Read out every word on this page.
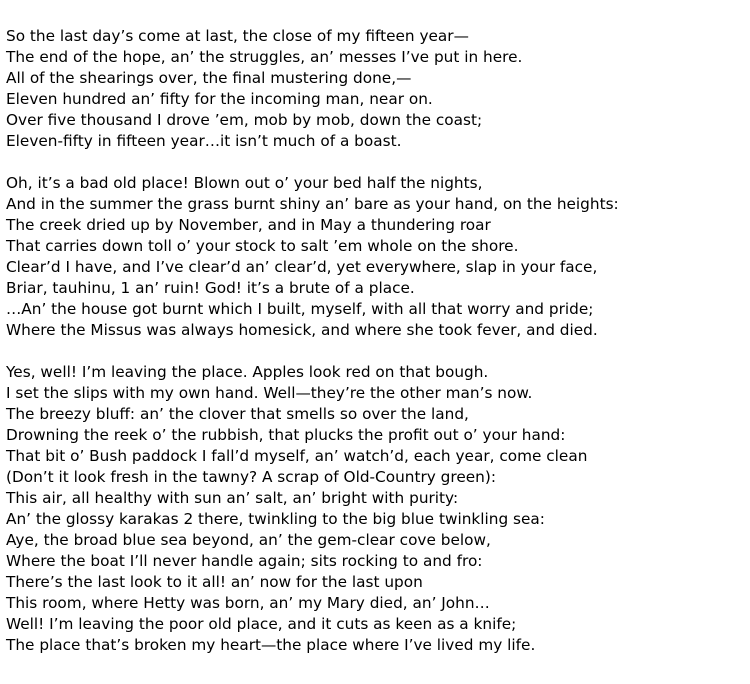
So the last day’s come at last, the close of my fifteen year—
The end of the hope, an’ the struggles, an’ messes I’ve put in here.
All of the shearings over, the final mustering done,—
Eleven hundred an’ fifty for the incoming man, near on.
Over five thousand I drove ’em, mob by mob, down the coast;
Eleven-fifty in fifteen year…it isn’t much of a boast.
Oh, it’s a bad old place! Blown out o’ your bed half the nights,
And in the summer the grass burnt shiny an’ bare as your hand, on the heights:
The creek dried up by November, and in May a thundering roar
That carries down toll o’ your stock to salt ’em whole on the shore.
Clear’d I have, and I’ve clear’d an’ clear’d, yet everywhere, slap in your face,
Briar, tauhinu, 1 an’ ruin! God! it’s a brute of a place.
…An’ the house got burnt which I built, myself, with all that worry and pride;
Where the Missus was always homesick, and where she took fever, and died.
Yes, well! I’m leaving the place. Apples look red on that bough.
I set the slips with my own hand. Well—they’re the other man’s now.
The breezy bluff: an’ the clover that smells so over the land,
Drowning the reek o’ the rubbish, that plucks the profit out o’ your hand:
That bit o’ Bush paddock I fall’d myself, an’ watch’d, each year, come clean
(Don’t it look fresh in the tawny? A scrap of Old-Country green):
This air, all healthy with sun an’ salt, an’ bright with purity:
An’ the glossy karakas 2 there, twinkling to the big blue twinkling sea:
Aye, the broad blue sea beyond, an’ the gem-clear cove below,
Where the boat I’ll never handle again; sits rocking to and fro:
There’s the last look to it all! an’ now for the last upon
This room, where Hetty was born, an’ my Mary died, an’ John…
Well! I’m leaving the poor old place, and it cuts as keen as a knife;
The place that’s broken my heart—the place where I’ve lived my life.
